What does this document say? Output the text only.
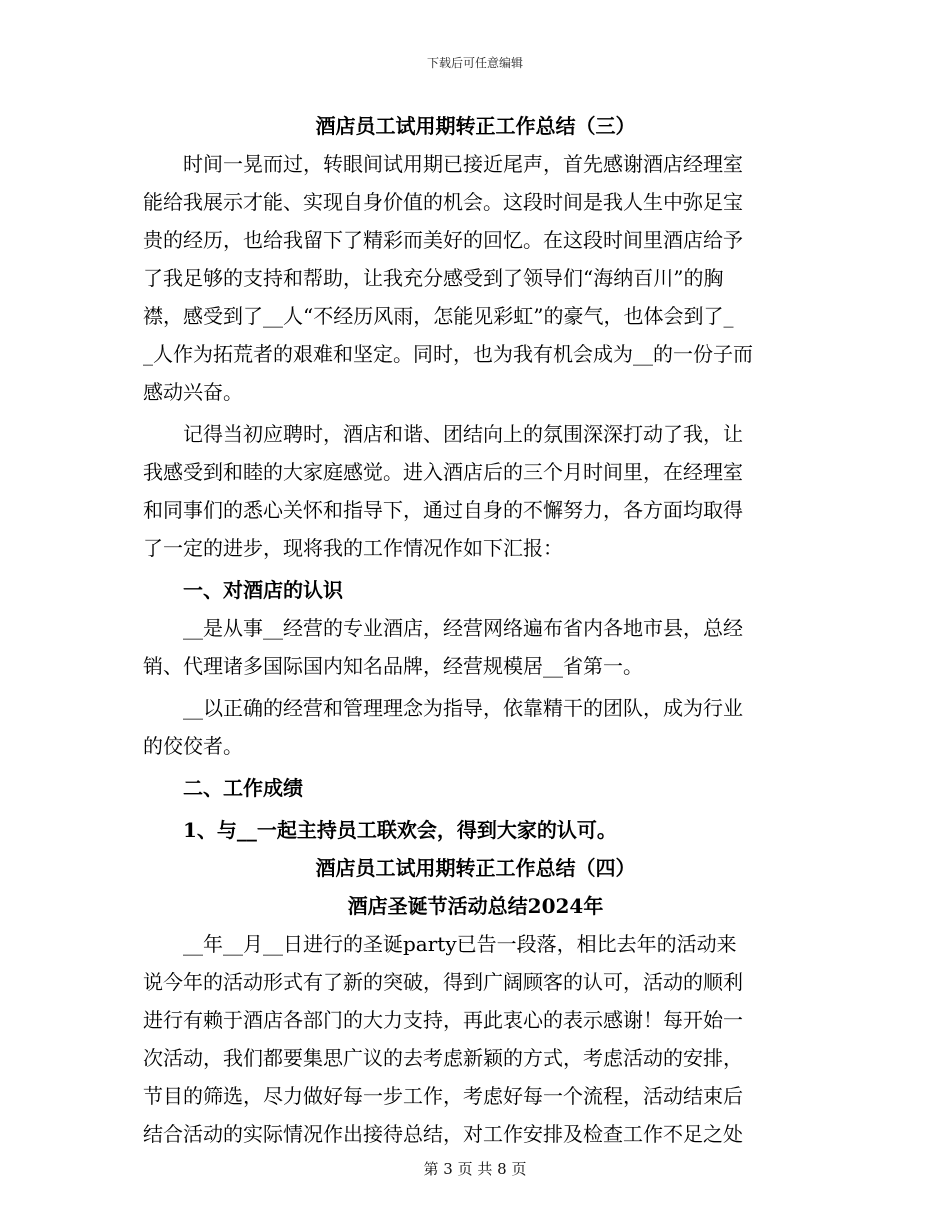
下载后可任意编辑
酒店员工试用期转正工作总结（三）
时间一晃而过，转眼间试用期已接近尾声，首先感谢酒店经理室
能给我展示才能、实现自身价值的机会。这段时间是我人生中弥足宝
贵的经历，也给我留下了精彩而美好的回忆。在这段时间里酒店给予
了我足够的支持和帮助，让我充分感受到了领导们“海纳百川”的胸
襟，感受到了__人“不经历风雨，怎能见彩虹”的豪气，也体会到了_
_人作为拓荒者的艰难和坚定。同时，也为我有机会成为__的一份子而
感动兴奋。
记得当初应聘时，酒店和谐、团结向上的氛围深深打动了我，让
我感受到和睦的大家庭感觉。进入酒店后的三个月时间里，在经理室
和同事们的悉心关怀和指导下，通过自身的不懈努力，各方面均取得
了一定的进步，现将我的工作情况作如下汇报：
一、对酒店的认识
__是从事__经营的专业酒店，经营网络遍布省内各地市县，总经
销、代理诸多国际国内知名品牌，经营规模居__省第一。
__以正确的经营和管理理念为指导，依靠精干的团队，成为行业
的佼佼者。
二、工作成绩
1、与__一起主持员工联欢会，得到大家的认可。
酒店员工试用期转正工作总结（四）
酒店圣诞节活动总结2024年
__年__月__日进行的圣诞party已告一段落，相比去年的活动来
说今年的活动形式有了新的突破，得到广阔顾客的认可，活动的顺利
进行有赖于酒店各部门的大力支持，再此衷心的表示感谢！每开始一
次活动，我们都要集思广议的去考虑新颖的方式，考虑活动的安排，
节目的筛选，尽力做好每一步工作，考虑好每一个流程，活动结束后
结合活动的实际情况作出接待总结，对工作安排及检查工作不足之处
第 3 页 共 8 页
